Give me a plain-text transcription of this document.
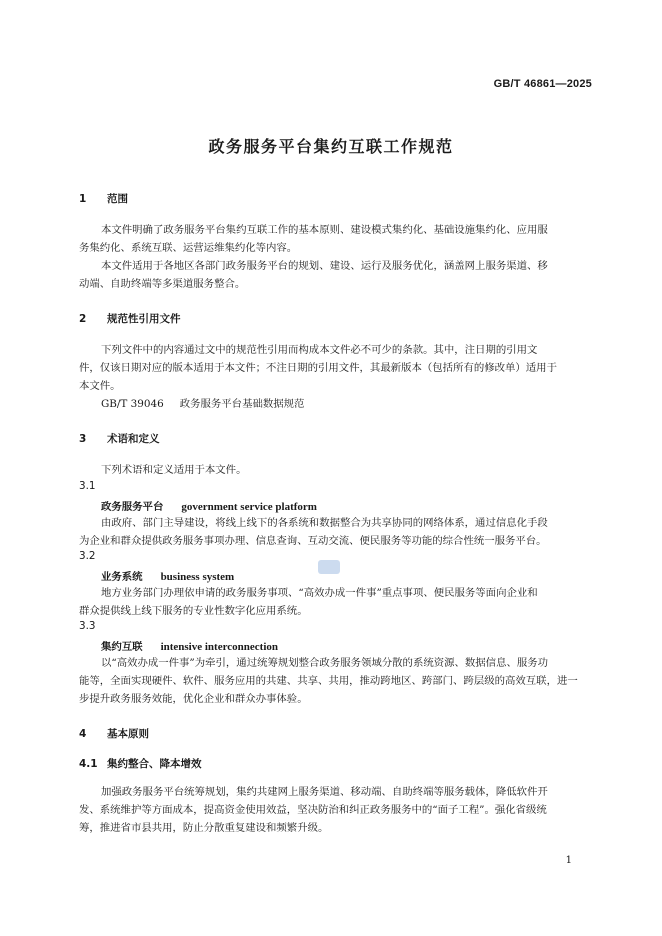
GB/T 46861—2025
政务服务平台集约互联工作规范
1 范围
本文件明确了政务服务平台集约互联工作的基本原则、建设模式集约化、基础设施集约化、应用服
务集约化、系统互联、运营运维集约化等内容。
本文件适用于各地区各部门政务服务平台的规划、建设、运行及服务优化，涵盖网上服务渠道、移
动端、自助终端等多渠道服务整合。
2 规范性引用文件
下列文件中的内容通过文中的规范性引用而构成本文件必不可少的条款。其中，注日期的引用文
件，仅该日期对应的版本适用于本文件；不注日期的引用文件，其最新版本（包括所有的修改单）适用于
本文件。
GB/T 39046 政务服务平台基础数据规范
3 术语和定义
下列术语和定义适用于本文件。
3.1
政务服务平台 government service platform
由政府、部门主导建设，将线上线下的各系统和数据整合为共享协同的网络体系，通过信息化手段
为企业和群众提供政务服务事项办理、信息查询、互动交流、便民服务等功能的综合性统一服务平台。
3.2
业务系统 business system
地方业务部门办理依申请的政务服务事项、“高效办成一件事”重点事项、便民服务等面向企业和
群众提供线上线下服务的专业性数字化应用系统。
3.3
集约互联 intensive interconnection
以“高效办成一件事”为牵引，通过统筹规划整合政务服务领域分散的系统资源、数据信息、服务功
能等，全面实现硬件、软件、服务应用的共建、共享、共用，推动跨地区、跨部门、跨层级的高效互联，进一
步提升政务服务效能，优化企业和群众办事体验。
4 基本原则
4.1 集约整合、降本增效
加强政务服务平台统筹规划，集约共建网上服务渠道、移动端、自助终端等服务载体，降低软件开
发、系统维护等方面成本，提高资金使用效益，坚决防治和纠正政务服务中的“面子工程”。强化省级统
筹，推进省市县共用，防止分散重复建设和频繁升级。

1
